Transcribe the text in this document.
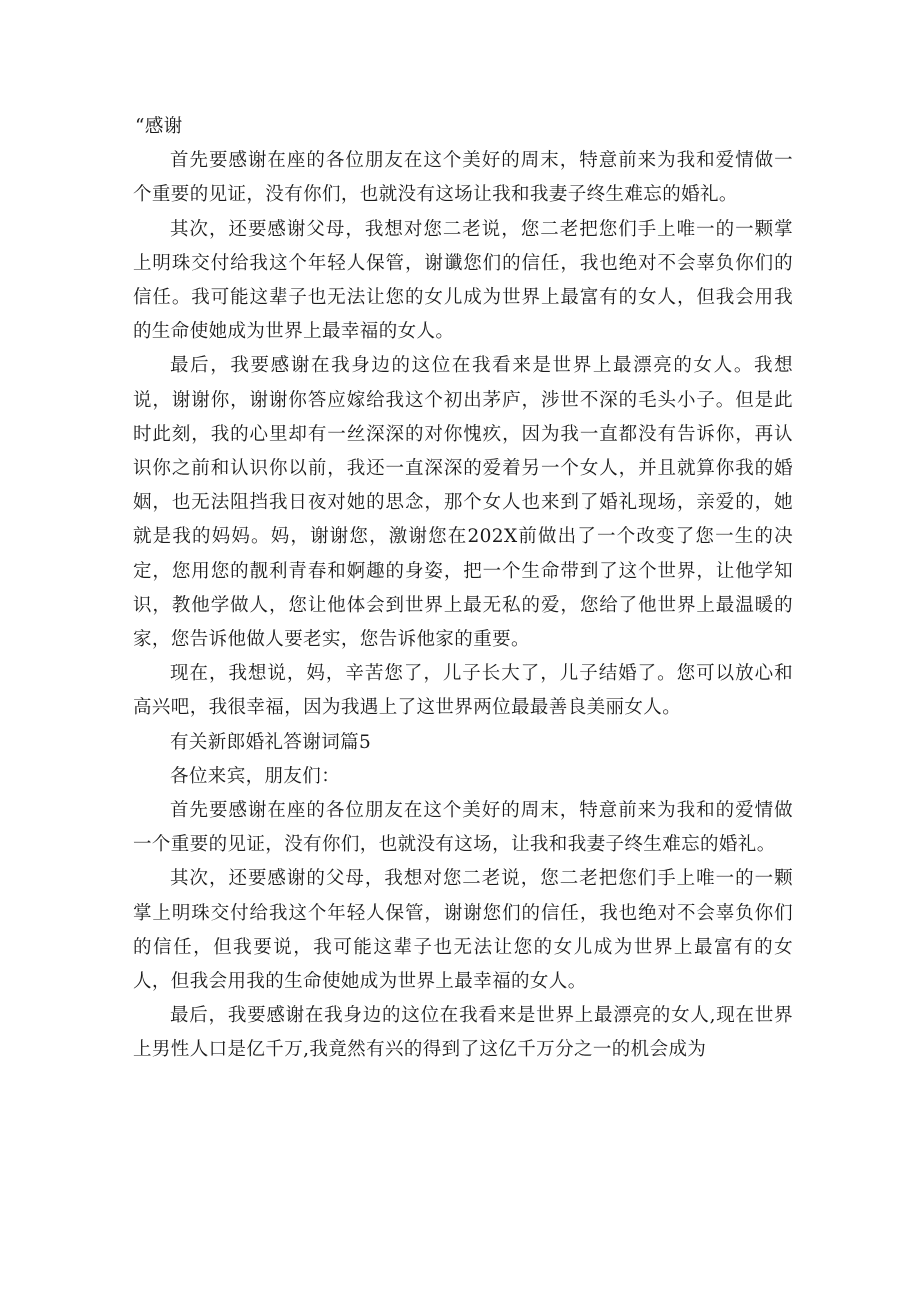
“感谢

首先要感谢在座的各位朋友在这个美好的周末，特意前来为我和爱情做一个重要的见证，没有你们，也就没有这场让我和我妻子终生难忘的婚礼。

其次，还要感谢父母，我想对您二老说，您二老把您们手上唯一的一颗掌上明珠交付给我这个年轻人保管，谢谶您们的信任，我也绝对不会辜负你们的信任。我可能这辈子也无法让您的女儿成为世界上最富有的女人，但我会用我的生命使她成为世界上最幸福的女人。

最后，我要感谢在我身边的这位在我看来是世界上最漂亮的女人。我想说，谢谢你，谢谢你答应嫁给我这个初出茅庐，涉世不深的毛头小子。但是此时此刻，我的心里却有一丝深深的对你愧疚，因为我一直都没有告诉你，再认识你之前和认识你以前，我还一直深深的爱着另一个女人，并且就算你我的婚姻，也无法阻挡我日夜对她的思念，那个女人也来到了婚礼现场，亲爱的，她就是我的妈妈。妈，谢谢您，激谢您在202X前做出了一个改变了您一生的决定，您用您的靓利青春和婀趣的身姿，把一个生命带到了这个世界，让他学知识，教他学做人，您让他体会到世界上最无私的爱，您给了他世界上最温暖的家，您告诉他做人要老实，您告诉他家的重要。

现在，我想说，妈，辛苦您了，儿子长大了，儿子结婚了。您可以放心和高兴吧，我很幸福，因为我遇上了这世界两位最最善良美丽女人。

有关新郎婚礼答谢词篇5

各位来宾，朋友们：

首先要感谢在座的各位朋友在这个美好的周末，特意前来为我和的爱情做一个重要的见证，没有你们，也就没有这场，让我和我妻子终生难忘的婚礼。

其次，还要感谢的父母，我想对您二老说，您二老把您们手上唯一的一颗掌上明珠交付给我这个年轻人保管，谢谢您们的信任，我也绝对不会辜负你们的信任，但我要说，我可能这辈子也无法让您的女儿成为世界上最富有的女人，但我会用我的生命使她成为世界上最幸福的女人。

最后，我要感谢在我身边的这位在我看来是世界上最漂亮的女人,现在世界上男性人口是亿千万,我竟然有兴的得到了这亿千万分之一的机会成为
